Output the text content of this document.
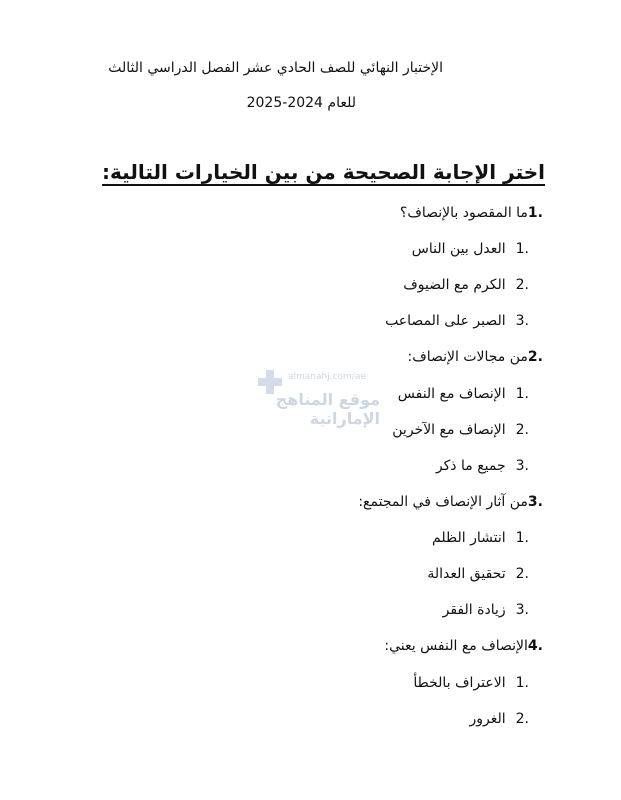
الإختبار النهائي للصف الحادي عشر الفصل الدراسي الثالث
للعام 2024-2025
اختر الإجابة الصحيحة من بين الخيارات التالية:
.1ما المقصود بالإنصاف؟
.1العدل بين الناس
.2الكرم مع الضيوف
.3الصبر على المصاعب
.2من مجالات الإنصاف:
.1الإنصاف مع النفس
.2الإنصاف مع الآخرين
.3جميع ما ذكر
.3من آثار الإنصاف في المجتمع:
.1انتشار الظلم
.2تحقيق العدالة
.3زيادة الفقر
.4الإنصاف مع النفس يعني:
.1الاعتراف بالخطأ
.2الغرور
almanahj.com/ae
موقع المناهج الإماراتية
